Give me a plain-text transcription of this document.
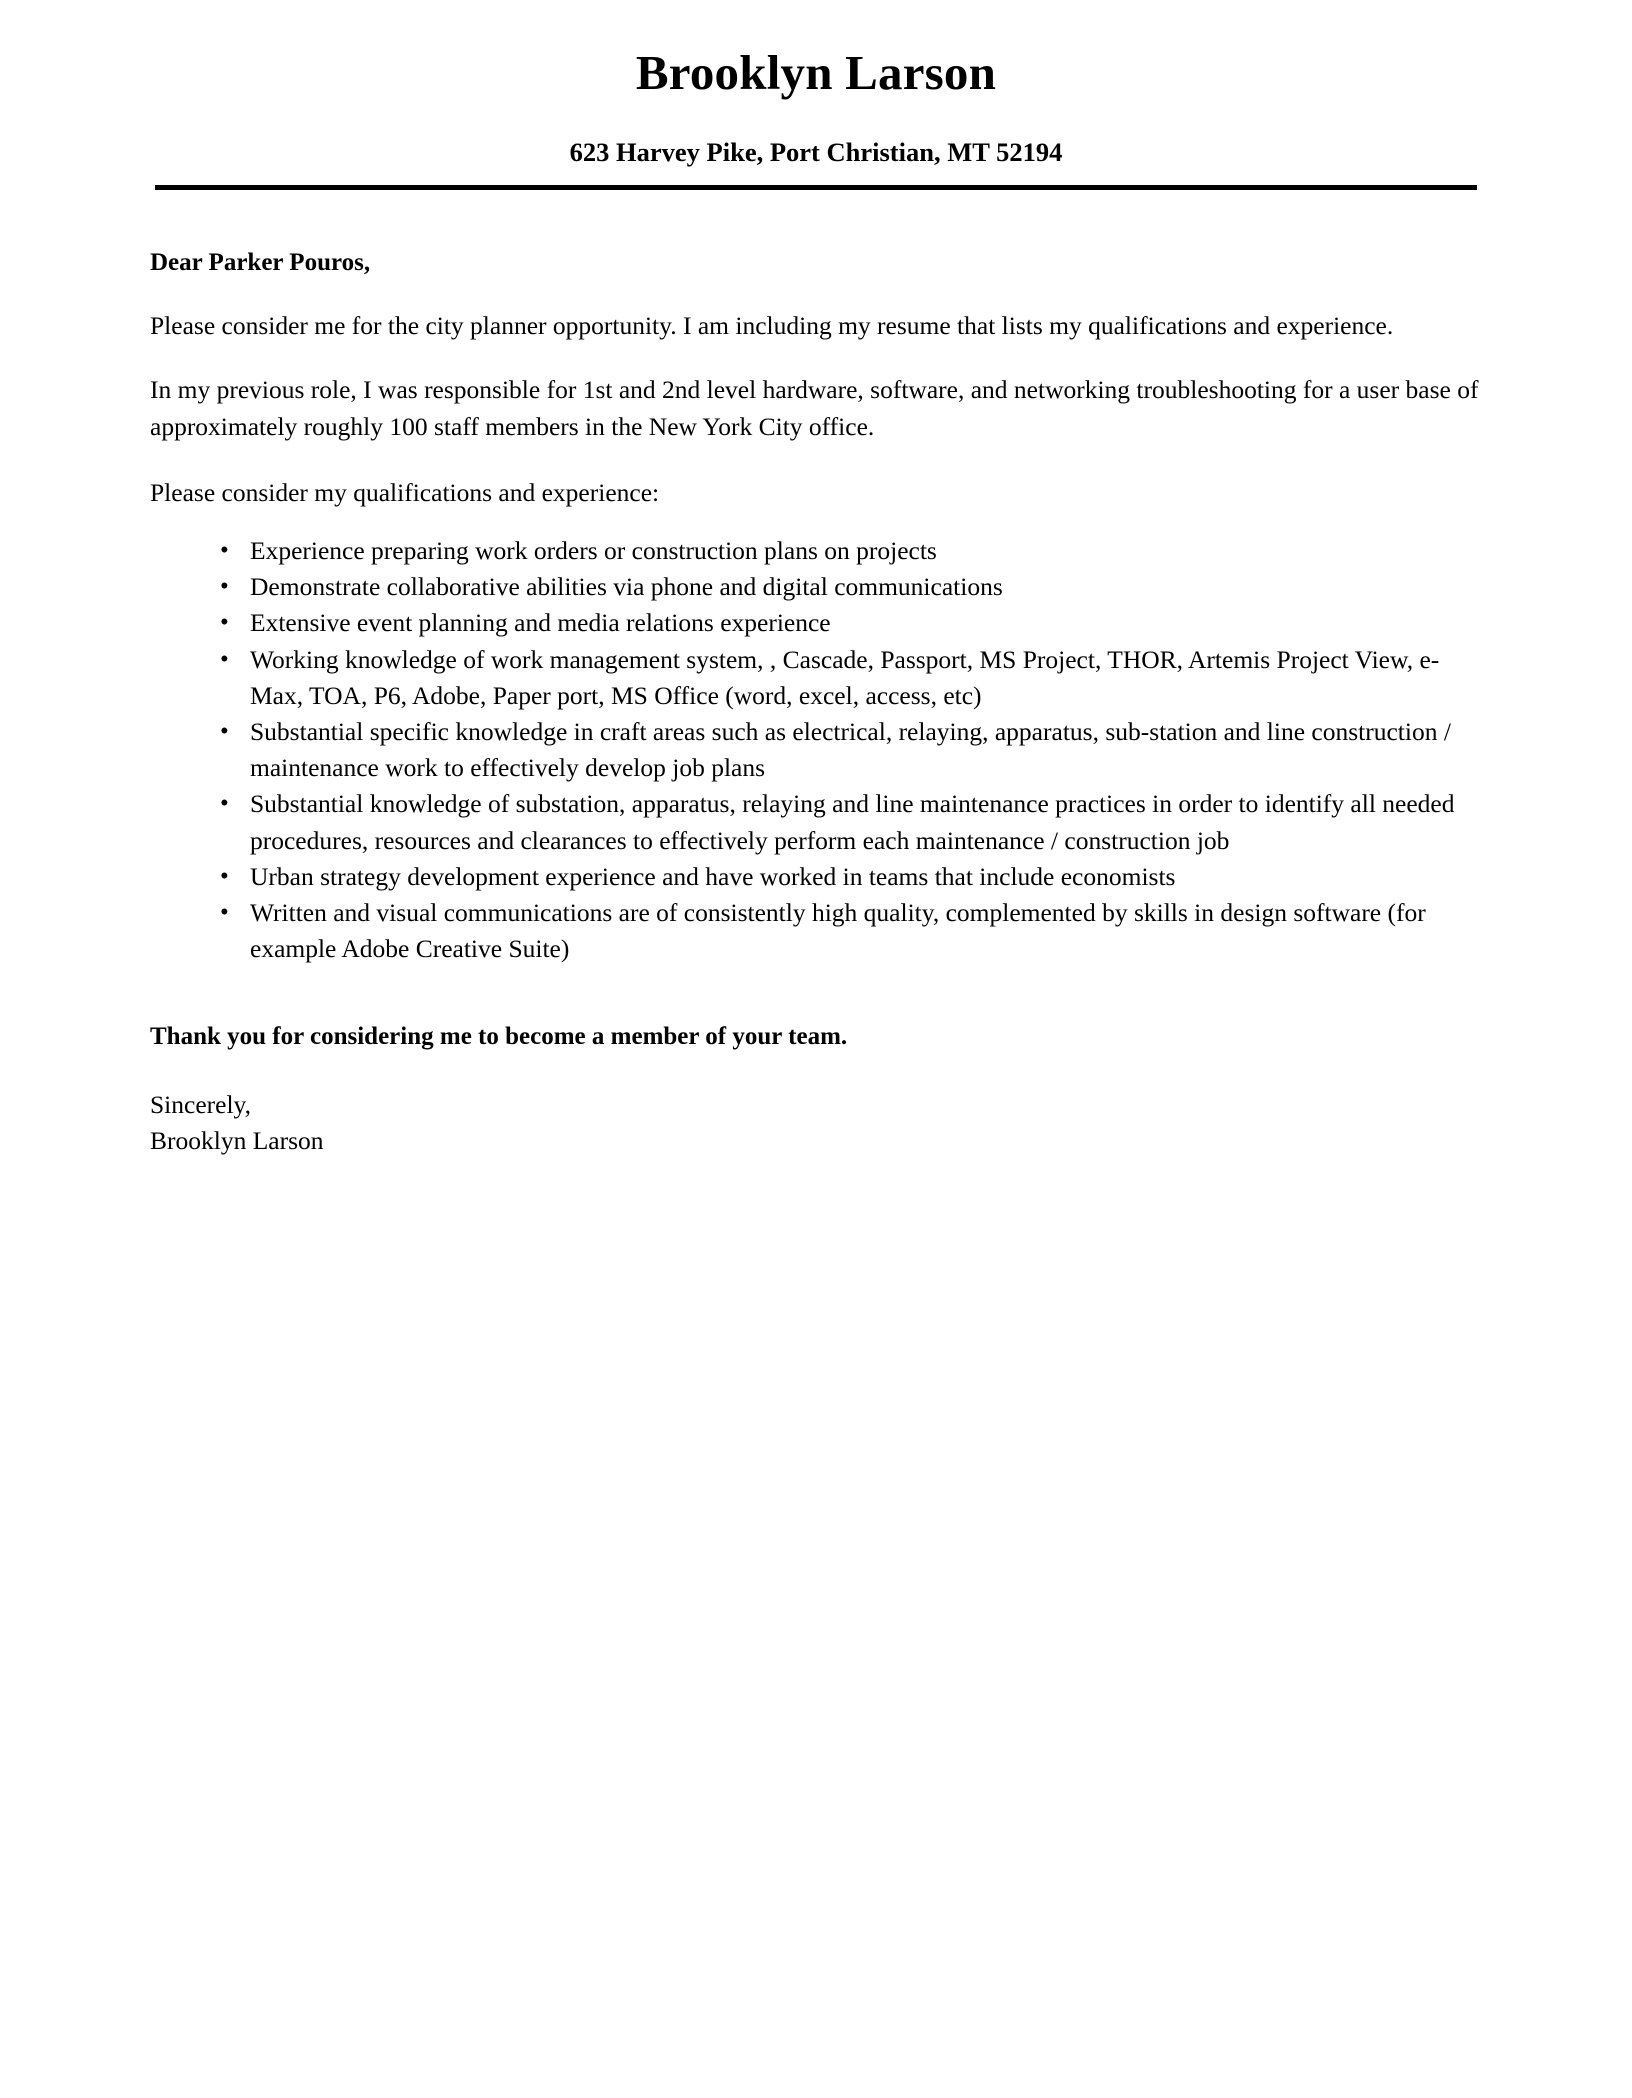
Brooklyn Larson

623 Harvey Pike, Port Christian, MT 52194

Dear Parker Pouros,

Please consider me for the city planner opportunity. I am including my resume that lists my qualifications and experience.

In my previous role, I was responsible for 1st and 2nd level hardware, software, and networking troubleshooting for a user base of approximately roughly 100 staff members in the New York City office.

Please consider my qualifications and experience:

• Experience preparing work orders or construction plans on projects
• Demonstrate collaborative abilities via phone and digital communications
• Extensive event planning and media relations experience
• Working knowledge of work management system, , Cascade, Passport, MS Project, THOR, Artemis Project View, e-Max, TOA, P6, Adobe, Paper port, MS Office (word, excel, access, etc)
• Substantial specific knowledge in craft areas such as electrical, relaying, apparatus, sub-station and line construction / maintenance work to effectively develop job plans
• Substantial knowledge of substation, apparatus, relaying and line maintenance practices in order to identify all needed procedures, resources and clearances to effectively perform each maintenance / construction job
• Urban strategy development experience and have worked in teams that include economists
• Written and visual communications are of consistently high quality, complemented by skills in design software (for example Adobe Creative Suite)

Thank you for considering me to become a member of your team.

Sincerely,

Brooklyn Larson
